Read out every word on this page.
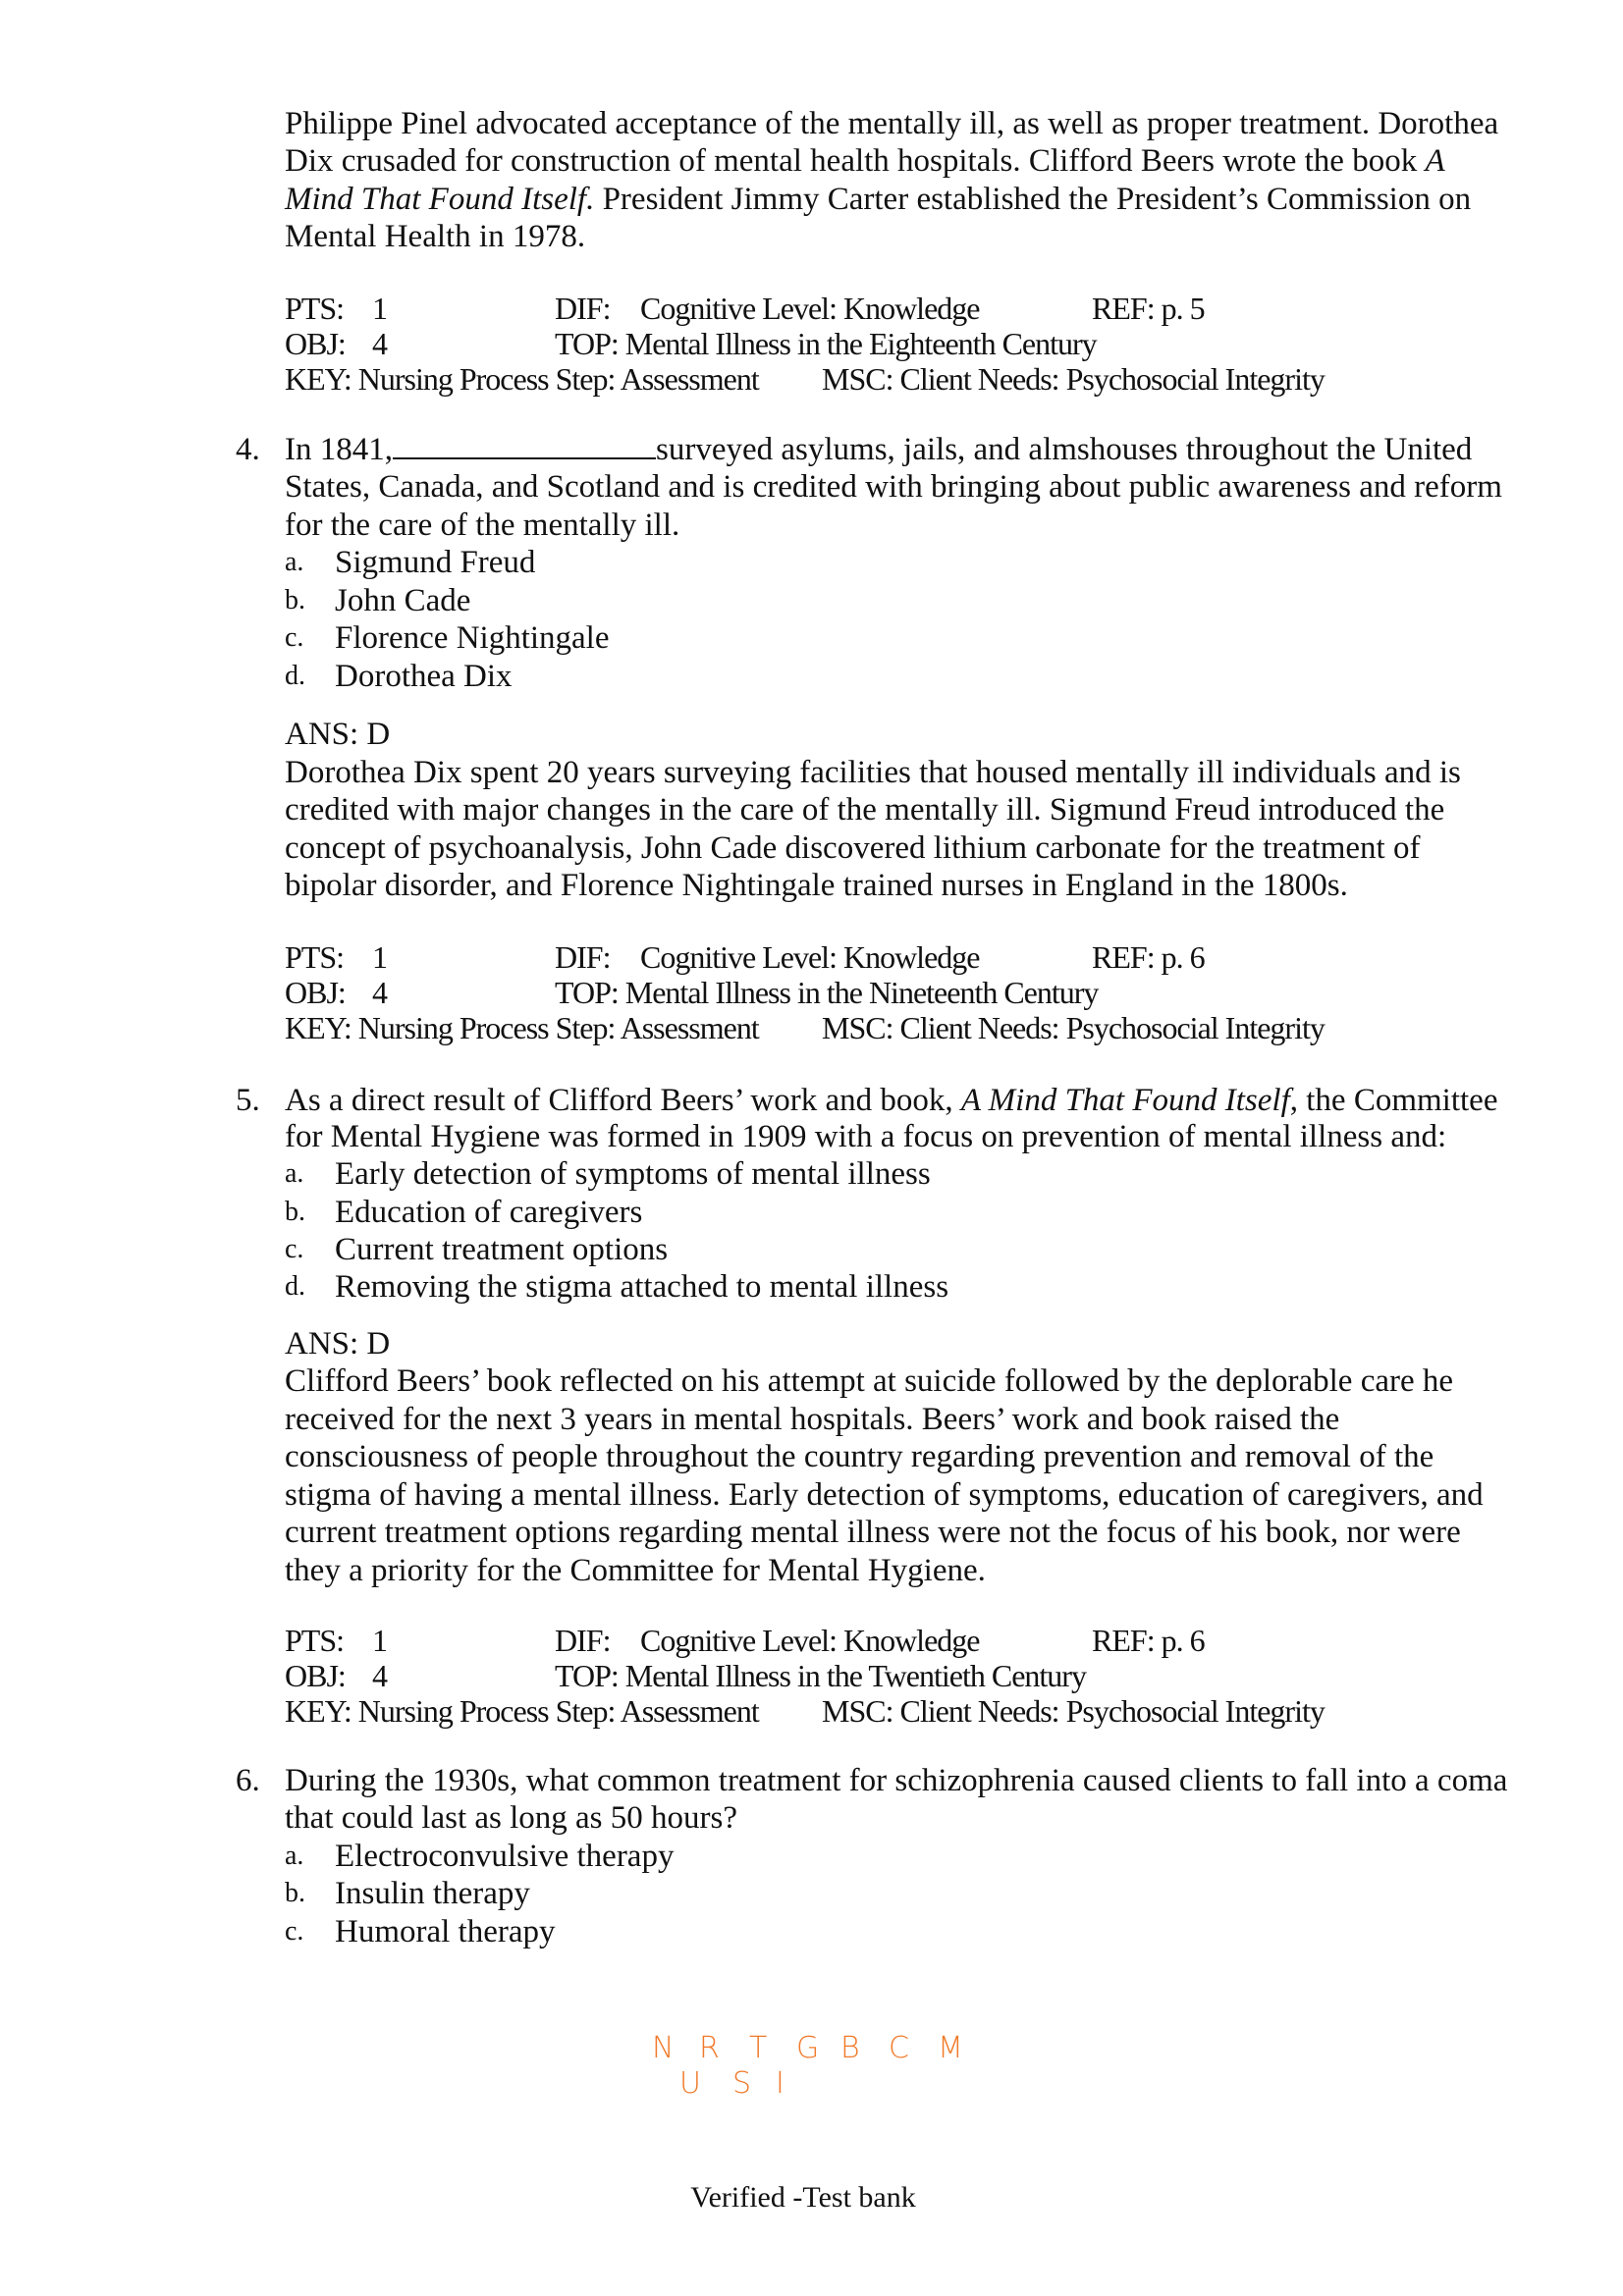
Philippe Pinel advocated acceptance of the mentally ill, as well as proper treatment. Dorothea
Dix crusaded for construction of mental health hospitals. Clifford Beers wrote the book A
Mind That Found Itself. President Jimmy Carter established the President’s Commission on
Mental Health in 1978.
PTS: 1	DIF: Cognitive Level: Knowledge	REF: p. 5
OBJ: 4	TOP: Mental Illness in the Eighteenth Century
KEY: Nursing Process Step: Assessment MSC: Client Needs: Psychosocial Integrity
4. In 1841,	surveyed asylums, jails, and almshouses throughout the United
States, Canada, and Scotland and is credited with bringing about public awareness and reform
for the care of the mentally ill.
a. Sigmund Freud
b. John Cade
c. Florence Nightingale
d. Dorothea Dix
ANS: D
Dorothea Dix spent 20 years surveying facilities that housed mentally ill individuals and is
credited with major changes in the care of the mentally ill. Sigmund Freud introduced the
concept of psychoanalysis, John Cade discovered lithium carbonate for the treatment of
bipolar disorder, and Florence Nightingale trained nurses in England in the 1800s.
PTS: 1	DIF: Cognitive Level: Knowledge	REF: p. 6
OBJ: 4	TOP: Mental Illness in the Nineteenth Century
KEY: Nursing Process Step: Assessment MSC: Client Needs: Psychosocial Integrity
5. As a direct result of Clifford Beers’ work and book, A Mind That Found Itself, the Committee
for Mental Hygiene was formed in 1909 with a focus on prevention of mental illness and:
a. Early detection of symptoms of mental illness
b. Education of caregivers
c. Current treatment options
d. Removing the stigma attached to mental illness
ANS: D
Clifford Beers’ book reflected on his attempt at suicide followed by the deplorable care he
received for the next 3 years in mental hospitals. Beers’ work and book raised the
consciousness of people throughout the country regarding prevention and removal of the
stigma of having a mental illness. Early detection of symptoms, education of caregivers, and
current treatment options regarding mental illness were not the focus of his book, nor were
they a priority for the Committee for Mental Hygiene.
PTS: 1	DIF: Cognitive Level: Knowledge	REF: p. 6
OBJ: 4	TOP: Mental Illness in the Twentieth Century
KEY: Nursing Process Step: Assessment MSC: Client Needs: Psychosocial Integrity
6. During the 1930s, what common treatment for schizophrenia caused clients to fall into a coma
that could last as long as 50 hours?
a. Electroconvulsive therapy
b. Insulin therapy
c. Humoral therapy
N
U
R
S
T
I
G B C M
Verified -Test bank
